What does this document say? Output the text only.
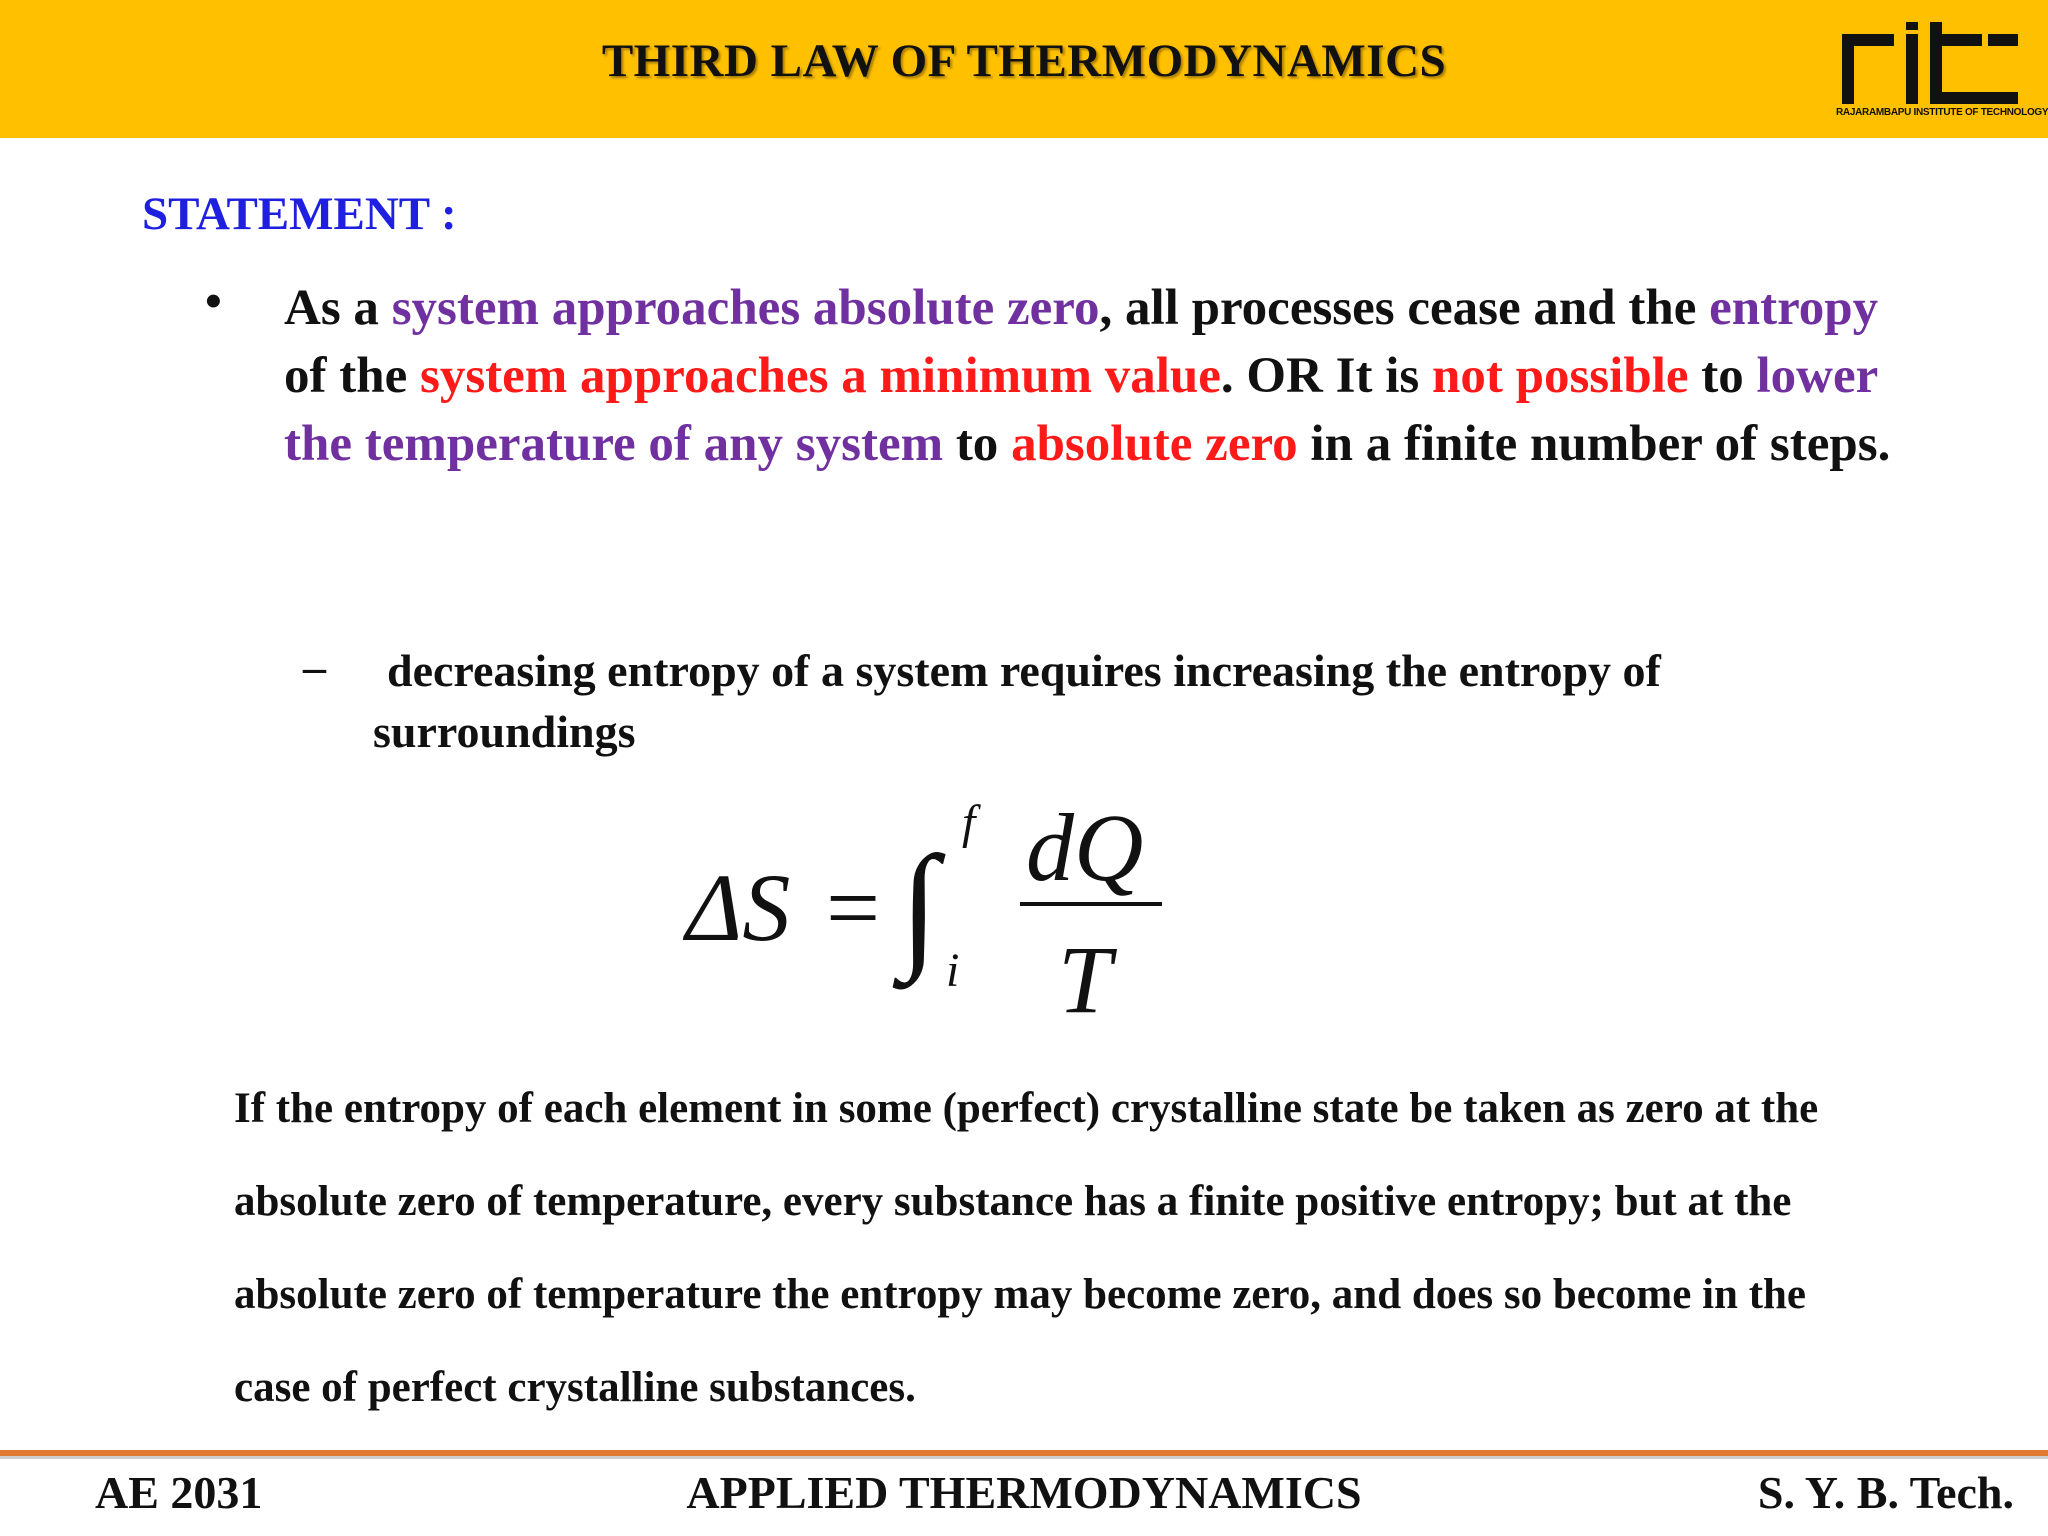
THIRD LAW OF THERMODYNAMICS
RAJARAMBAPU INSTITUTE OF TECHNOLOGY
STATEMENT :
• As a system approaches absolute zero, all processes cease and the entropy of the system approaches a minimum value. OR It is not possible to lower the temperature of any system to absolute zero in a finite number of steps.
–	decreasing entropy of a system requires increasing the entropy of surroundings
ΔS = ∫
f
i
dQ
T
If the entropy of each element in some (perfect) crystalline state be taken as zero at the absolute zero of temperature, every substance has a finite positive entropy; but at the absolute zero of temperature the entropy may become zero, and does so become in the case of perfect crystalline substances.
APPLIED THERMODYNAMICS
AE 2031	S. Y. B. Tech.
